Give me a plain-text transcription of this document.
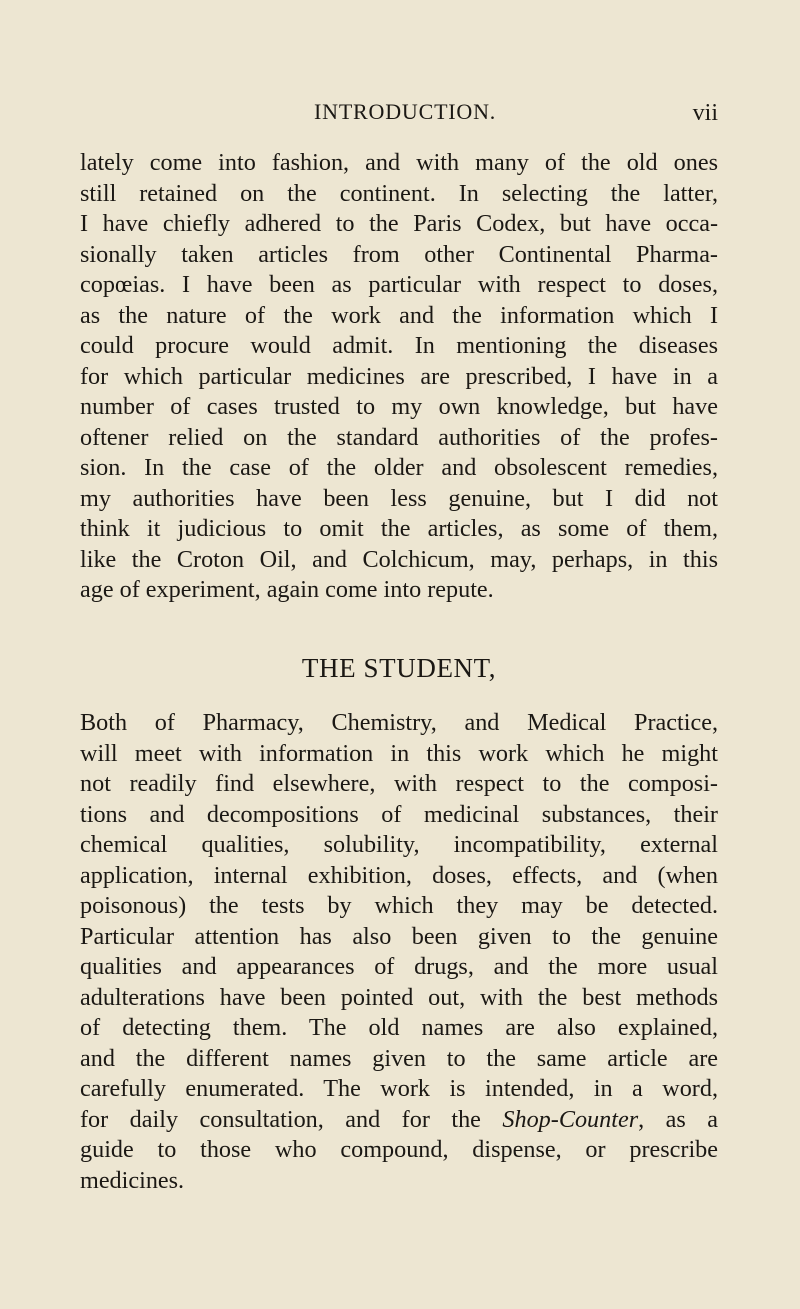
INTRODUCTION.	vii
lately come into fashion, and with many of the old ones
still retained on the continent. In selecting the latter,
I have chiefly adhered to the Paris Codex, but have occa-
sionally taken articles from other Continental Pharma-
copœias. I have been as particular with respect to doses,
as the nature of the work and the information which I
could procure would admit. In mentioning the diseases
for which particular medicines are prescribed, I have in a
number of cases trusted to my own knowledge, but have
oftener relied on the standard authorities of the profes-
sion. In the case of the older and obsolescent remedies,
my authorities have been less genuine, but I did not
think it judicious to omit the articles, as some of them,
like the Croton Oil, and Colchicum, may, perhaps, in this
age of experiment, again come into repute.
THE STUDENT,
Both of Pharmacy, Chemistry, and Medical Practice,
will meet with information in this work which he might
not readily find elsewhere, with respect to the composi-
tions and decompositions of medicinal substances, their
chemical qualities, solubility, incompatibility, external
application, internal exhibition, doses, effects, and (when
poisonous) the tests by which they may be detected.
Particular attention has also been given to the genuine
qualities and appearances of drugs, and the more usual
adulterations have been pointed out, with the best methods
of detecting them. The old names are also explained,
and the different names given to the same article are
carefully enumerated. The work is intended, in a word,
for daily consultation, and for the Shop-Counter, as a
guide to those who compound, dispense, or prescribe
medicines.
